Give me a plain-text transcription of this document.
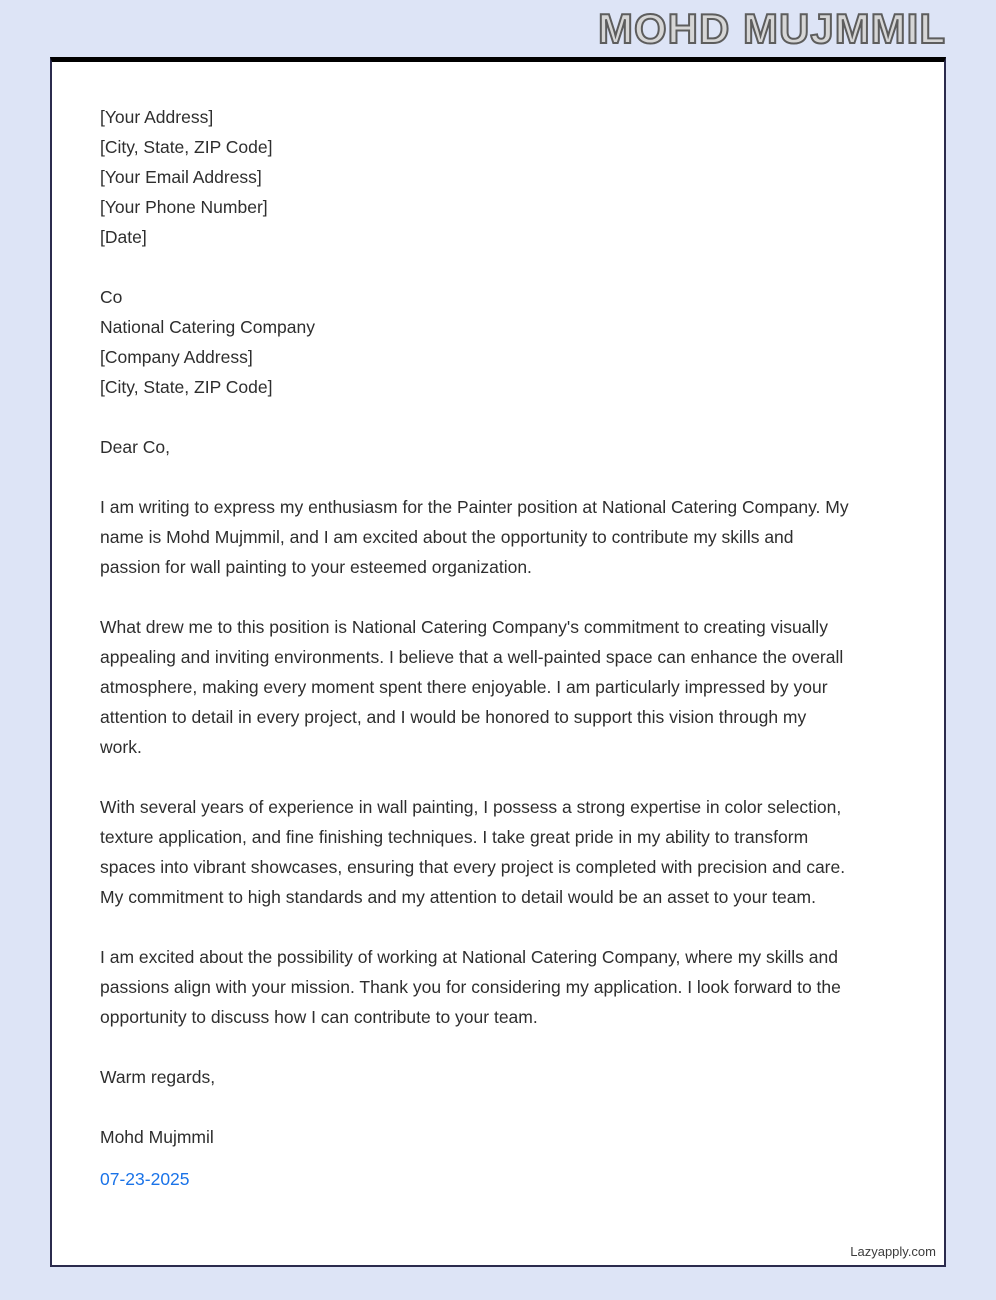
MOHD MUJMMIL
[Your Address]
[City, State, ZIP Code]
[Your Email Address]
[Your Phone Number]
[Date]
Co
National Catering Company
[Company Address]
[City, State, ZIP Code]
Dear Co,
I am writing to express my enthusiasm for the Painter position at National Catering Company. My name is Mohd Mujmmil, and I am excited about the opportunity to contribute my skills and passion for wall painting to your esteemed organization.
What drew me to this position is National Catering Company's commitment to creating visually appealing and inviting environments. I believe that a well-painted space can enhance the overall atmosphere, making every moment spent there enjoyable. I am particularly impressed by your attention to detail in every project, and I would be honored to support this vision through my work.
With several years of experience in wall painting, I possess a strong expertise in color selection, texture application, and fine finishing techniques. I take great pride in my ability to transform spaces into vibrant showcases, ensuring that every project is completed with precision and care. My commitment to high standards and my attention to detail would be an asset to your team.
I am excited about the possibility of working at National Catering Company, where my skills and passions align with your mission. Thank you for considering my application. I look forward to the opportunity to discuss how I can contribute to your team.
Warm regards,
Mohd Mujmmil
07-23-2025
Lazyapply.com
